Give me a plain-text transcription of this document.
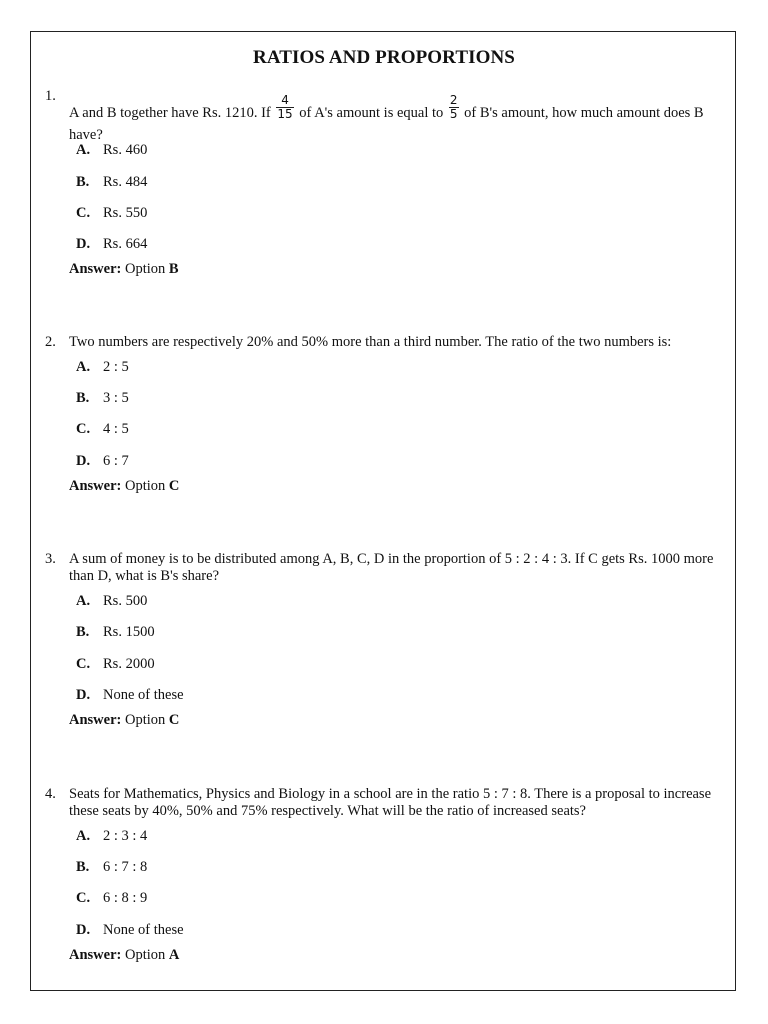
RATIOS AND PROPORTIONS
1.
A and B together have Rs. 1210. If $\frac{4}{15}$ of A's amount is equal to $\frac{2}{5}$ of B's amount, how much amount does B have?
A. Rs. 460
B. Rs. 484
C. Rs. 550
D. Rs. 664
Answer: Option B
2. Two numbers are respectively 20% and 50% more than a third number. The ratio of the two numbers is:
A. 2 : 5
B. 3 : 5
C. 4 : 5
D. 6 : 7
Answer: Option C
3. A sum of money is to be distributed among A, B, C, D in the proportion of 5 : 2 : 4 : 3. If C gets Rs. 1000 more than D, what is B's share?
A. Rs. 500
B. Rs. 1500
C. Rs. 2000
D. None of these
Answer: Option C
4. Seats for Mathematics, Physics and Biology in a school are in the ratio 5 : 7 : 8. There is a proposal to increase these seats by 40%, 50% and 75% respectively. What will be the ratio of increased seats?
A. 2 : 3 : 4
B. 6 : 7 : 8
C. 6 : 8 : 9
D. None of these
Answer: Option A
